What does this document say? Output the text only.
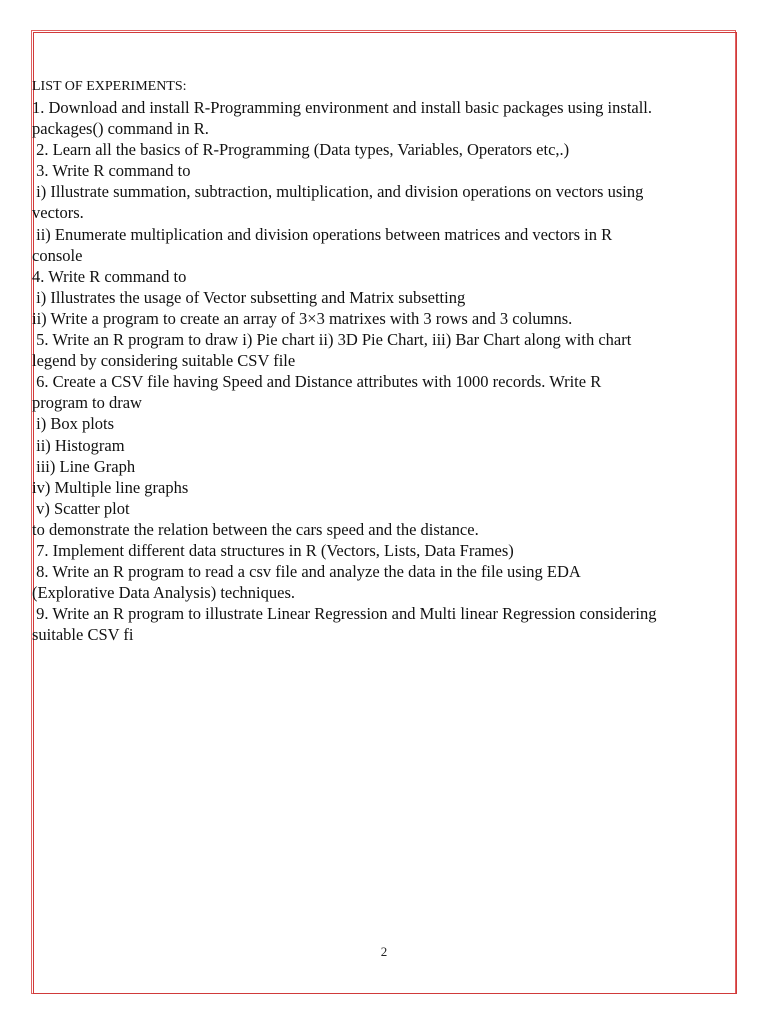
LIST OF EXPERIMENTS:

1. Download and install R-Programming environment and install basic packages using install.

packages() command in R.

2. Learn all the basics of R-Programming (Data types, Variables, Operators etc,.)

3. Write R command to

i) Illustrate summation, subtraction, multiplication, and division operations on vectors using

vectors.

ii) Enumerate multiplication and division operations between matrices and vectors in R

console

4. Write R command to

i) Illustrates the usage of Vector subsetting and Matrix subsetting

ii) Write a program to create an array of 3×3 matrixes with 3 rows and 3 columns.

5. Write an R program to draw i) Pie chart ii) 3D Pie Chart, iii) Bar Chart along with chart

legend by considering suitable CSV file

6. Create a CSV file having Speed and Distance attributes with 1000 records. Write R

program to draw

i) Box plots

ii) Histogram

iii) Line Graph

iv) Multiple line graphs

v) Scatter plot

to demonstrate the relation between the cars speed and the distance.

7. Implement different data structures in R (Vectors, Lists, Data Frames)

8. Write an R program to read a csv file and analyze the data in the file using EDA

(Explorative Data Analysis) techniques.

9. Write an R program to illustrate Linear Regression and Multi linear Regression considering

suitable CSV fi

2
